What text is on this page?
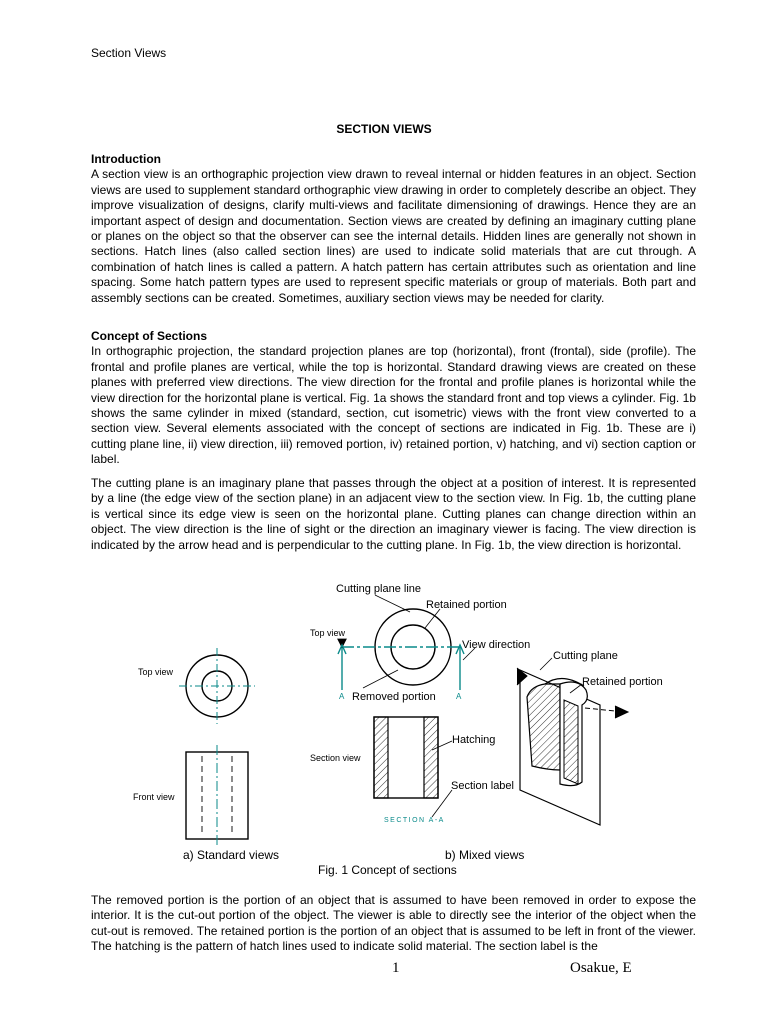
Section Views
SECTION VIEWS
Introduction

A section view is an orthographic projection view drawn to reveal internal or hidden features in an object. Section views are used to supplement standard orthographic view drawing in order to completely describe an object. They improve visualization of designs, clarify multi-views and facilitate dimensioning of drawings. Hence they are an important aspect of design and documentation. Section views are created by defining an imaginary cutting plane or planes on the object so that the observer can see the internal details. Hidden lines are generally not shown in sections. Hatch lines (also called section lines) are used to indicate solid materials that are cut through. A combination of hatch lines is called a pattern. A hatch pattern has certain attributes such as orientation and line spacing. Some hatch pattern types are used to represent specific materials or group of materials. Both part and assembly sections can be created. Sometimes, auxiliary section views may be needed for clarity.

Concept of Sections

In orthographic projection, the standard projection planes are top (horizontal), front (frontal), side (profile). The frontal and profile planes are vertical, while the top is horizontal. Standard drawing views are created on these planes with preferred view directions. The view direction for the frontal and profile planes is horizontal while the view direction for the horizontal plane is vertical. Fig. 1a shows the standard front and top views a cylinder. Fig. 1b shows the same cylinder in mixed (standard, section, cut isometric) views with the front view converted to a section view. Several elements associated with the concept of sections are indicated in Fig. 1b. These are i) cutting plane line, ii) view direction, iii) removed portion, iv) retained portion, v) hatching, and vi) section caption or label.

The cutting plane is an imaginary plane that passes through the object at a position of interest. It is represented by a line (the edge view of the section plane) in an adjacent view to the section view. In Fig. 1b, the cutting plane is vertical since its edge view is seen on the horizontal plane. Cutting planes can change direction within an object. The view direction is the line of sight or the direction an imaginary viewer is facing. The view direction is indicated by the arrow head and is perpendicular to the cutting plane. In Fig. 1b, the view direction is horizontal.

Top view
Front view
A	A
Top view
Cutting plane line
Retained portion
View direction
Removed portion
Section view
Hatching
Section label
SECTION A-A
Cutting plane
Retained portion
a) Standard views	b) Mixed views
Fig. 1 Concept of sections

The removed portion is the portion of an object that is assumed to have been removed in order to expose the interior. It is the cut-out portion of the object. The viewer is able to directly see the interior of the object when the cut-out is removed. The retained portion is the portion of an object that is assumed to be left in front of the viewer. The hatching is the pattern of hatch lines used to indicate solid material. The section label is the

1	Osakue, E
